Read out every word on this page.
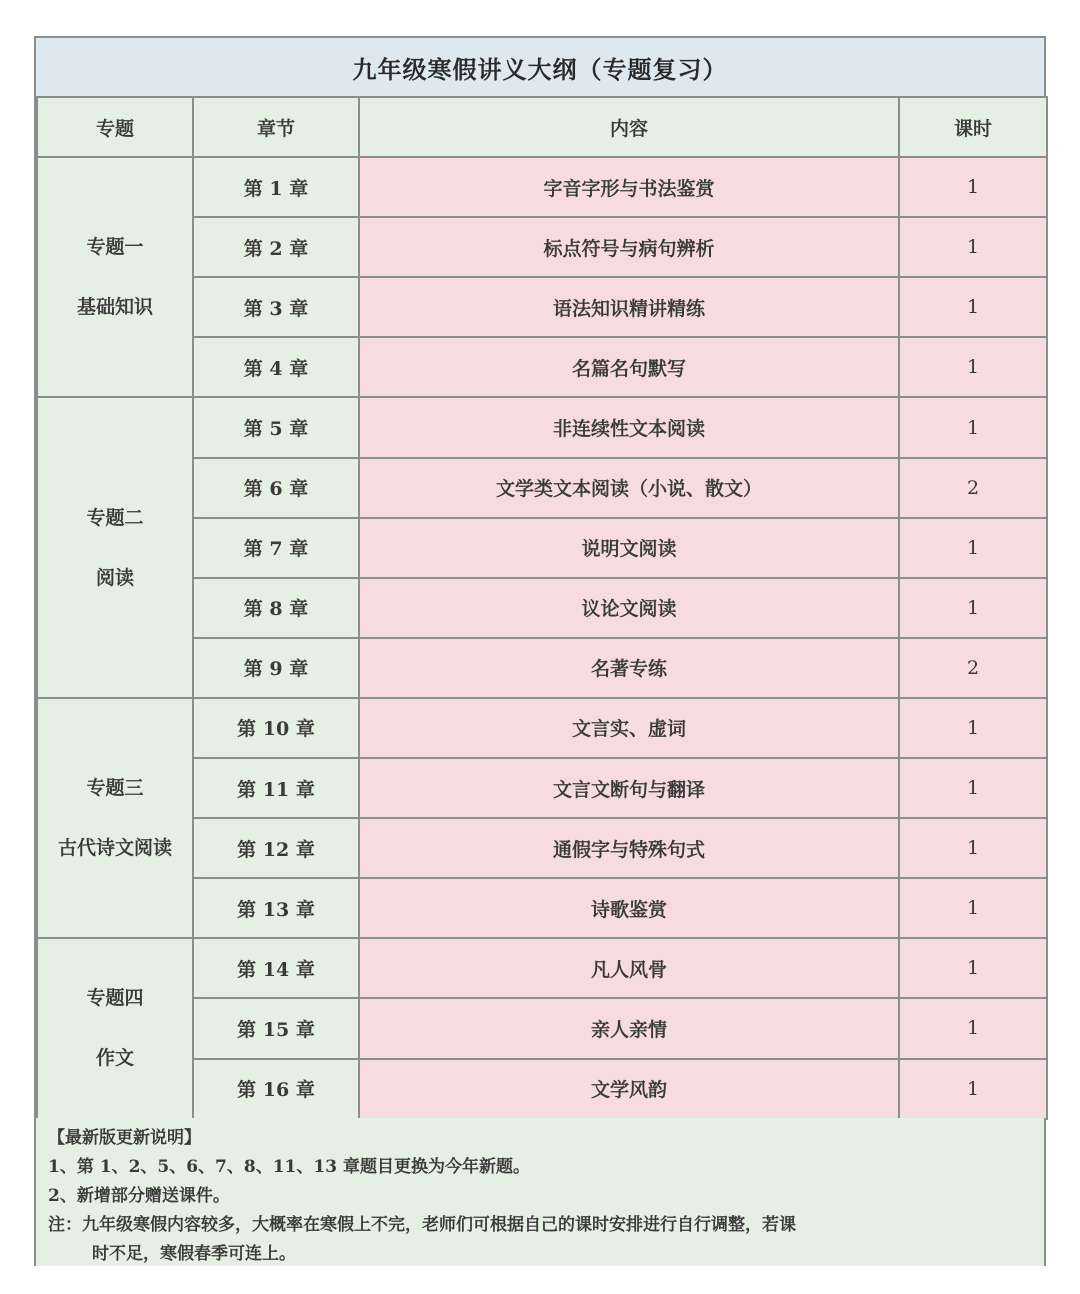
九年级寒假讲义大纲（专题复习）
专题	章节	内容	课时

专题一
基础知识	第 1 章	字音字形与书法鉴赏	1
	第 2 章	标点符号与病句辨析	1
	第 3 章	语法知识精讲精练	1
	第 4 章	名篇名句默写	1

专题二
阅读	第 5 章	非连续性文本阅读	1
	第 6 章	文学类文本阅读（小说、散文）	2
	第 7 章	说明文阅读	1
	第 8 章	议论文阅读	1
	第 9 章	名著专练	2

专题三
古代诗文阅读	第 10 章	文言实、虚词	1
	第 11 章	文言文断句与翻译	1
	第 12 章	通假字与特殊句式	1
	第 13 章	诗歌鉴赏	1

专题四
作文	第 14 章	凡人风骨	1
	第 15 章	亲人亲情	1
	第 16 章	文学风韵	1

【最新版更新说明】

1、第 1、2、5、6、7、8、11、13 章题目更换为今年新题。

2、新增部分赠送课件。

注：九年级寒假内容较多，大概率在寒假上不完，老师们可根据自己的课时安排进行自行调整，若课

时不足，寒假春季可连上。
